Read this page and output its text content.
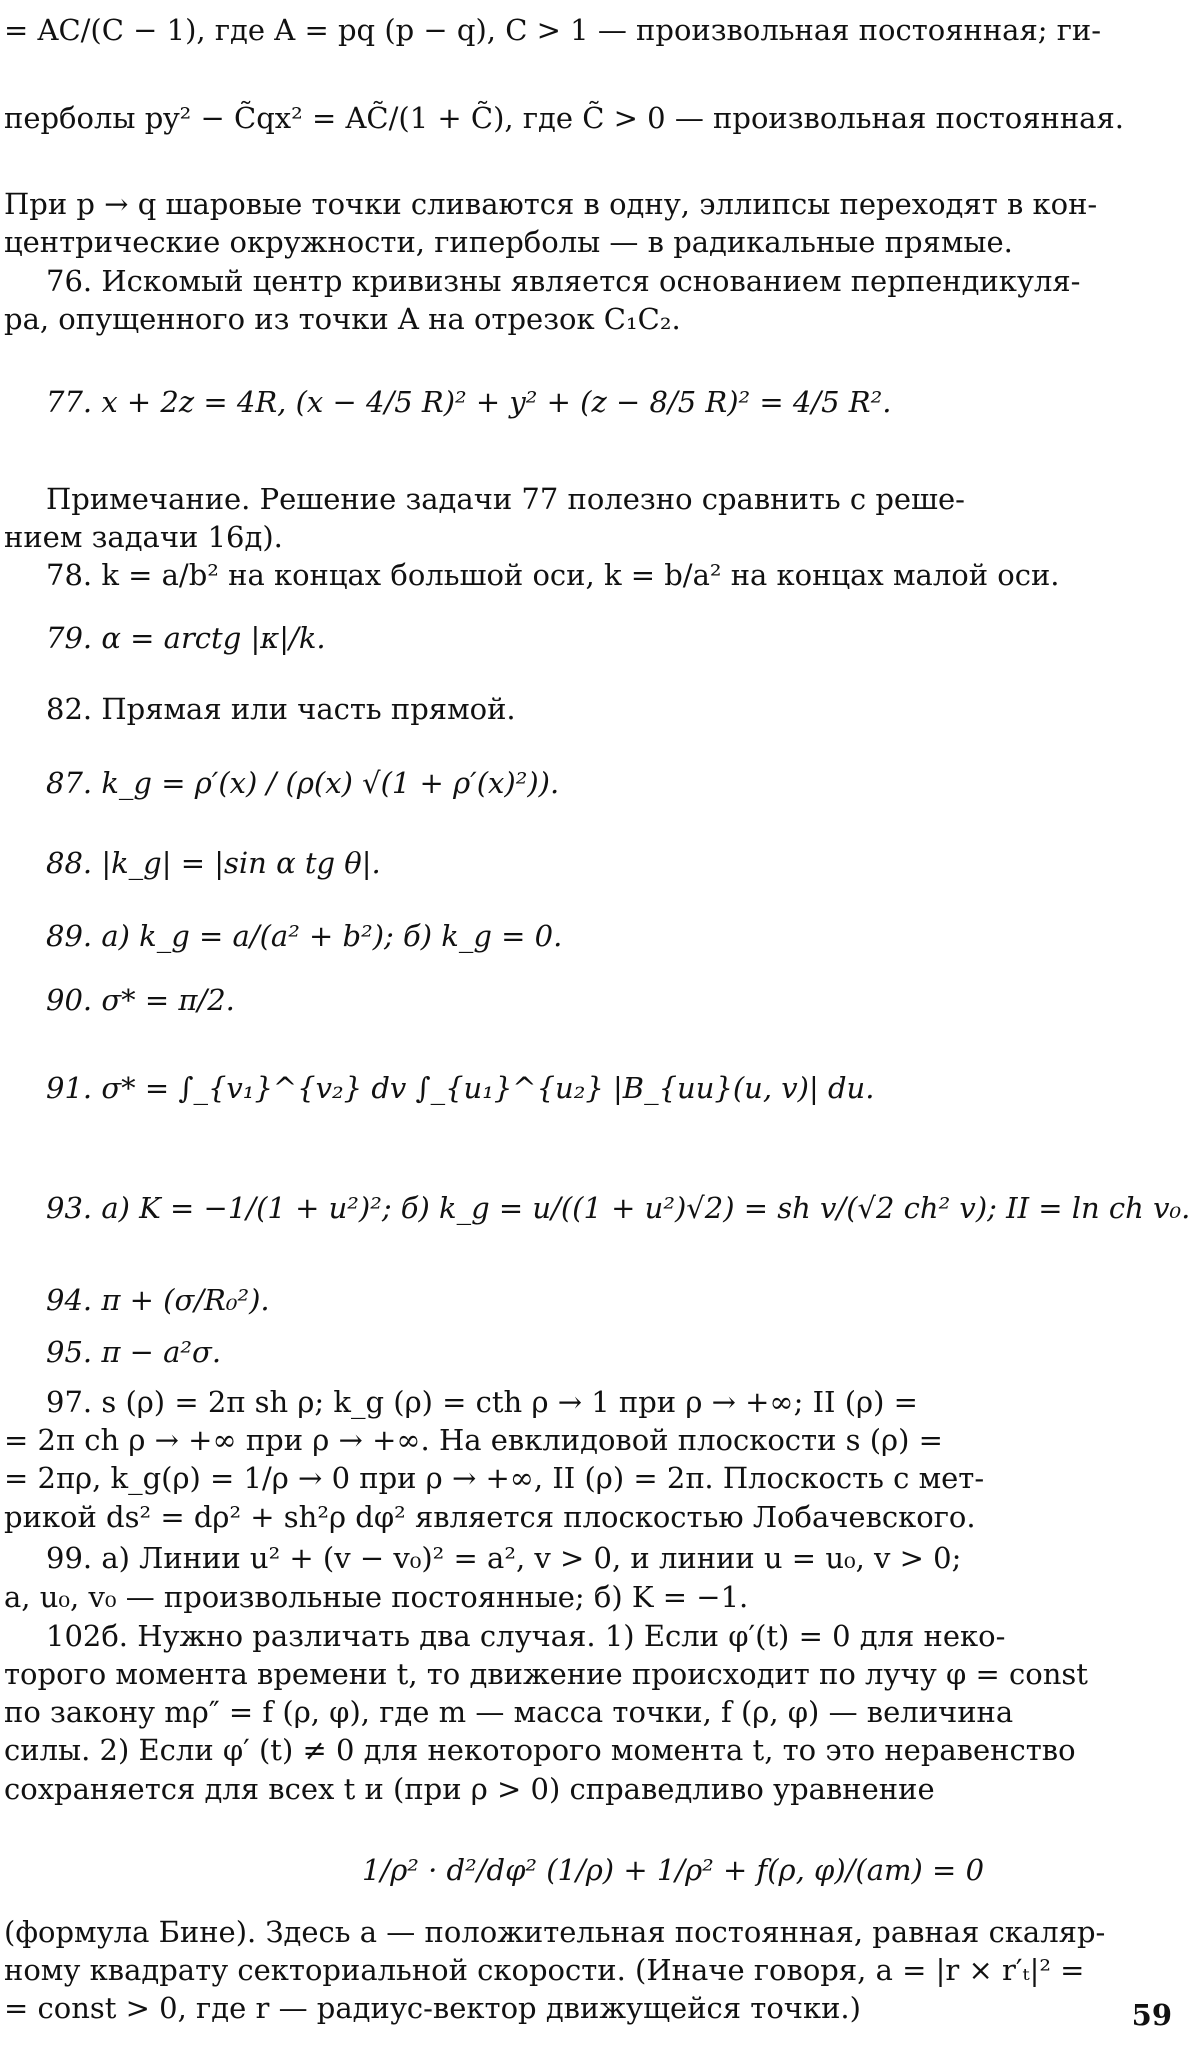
= AC/(C − 1), где A = pq (p − q), C > 1 — произвольная постоянная; ги-
перболы py² − C̃qx² = AC̃/(1 + C̃), где C̃ > 0 — произвольная постоянная.
При p → q шаровые точки сливаются в одну, эллипсы переходят в кон-
центрические окружности, гиперболы — в радикальные прямые.
76. Искомый центр кривизны является основанием перпендикуля-
ра, опущенного из точки A на отрезок C₁C₂.
77. x + 2z = 4R, (x − 4/5 R)² + y² + (z − 8/5 R)² = 4/5 R².
Примечание. Решение задачи 77 полезно сравнить с реше-
нием задачи 16д).
78. k = a/b² на концах большой оси, k = b/a² на концах малой оси.
79. α = arctg |κ|/k.
82. Прямая или часть прямой.
87. k_g = ρ′(x) / (ρ(x) √(1 + ρ′(x)²)).
88. |k_g| = |sin α tg θ|.
89. а) k_g = a/(a² + b²); б) k_g = 0.
90. σ* = π/2.
91. σ* = ∫_{v₁}^{v₂} dv ∫_{u₁}^{u₂} |B_{uu}(u, v)| du.
93. а) K = −1/(1 + u²)²; б) k_g = u/((1 + u²)√2) = sh v/(√2 ch² v); II = ln ch v₀.
94. π + (σ/R₀²).
95. π − a²σ.
97. s (ρ) = 2π sh ρ; k_g (ρ) = cth ρ → 1 при ρ → +∞; II (ρ) =
= 2π ch ρ → +∞ при ρ → +∞. На евклидовой плоскости s (ρ) =
= 2πρ, k_g(ρ) = 1/ρ → 0 при ρ → +∞, II (ρ) = 2π. Плоскость с мет-
рикой ds² = dρ² + sh²ρ dφ² является плоскостью Лобачевского.
99. а) Линии u² + (v − v₀)² = a², v > 0, и линии u = u₀, v > 0;
a, u₀, v₀ — произвольные постоянные; б) K = −1.
102б. Нужно различать два случая. 1) Если φ′(t) = 0 для неко-
торого момента времени t, то движение происходит по лучу φ = const
по закону mρ″ = f (ρ, φ), где m — масса точки, f (ρ, φ) — величина
силы. 2) Если φ′ (t) ≠ 0 для некоторого момента t, то это неравенство
сохраняется для всех t и (при ρ > 0) справедливо уравнение
1/ρ² · d²/dφ² (1/ρ) + 1/ρ² + f(ρ, φ)/(am) = 0
(формула Бине). Здесь a — положительная постоянная, равная скаляр-
ному квадрату секториальной скорости. (Иначе говоря, a = |r × r′ₜ|² =
= const > 0, где r — радиус-вектор движущейся точки.)	59
